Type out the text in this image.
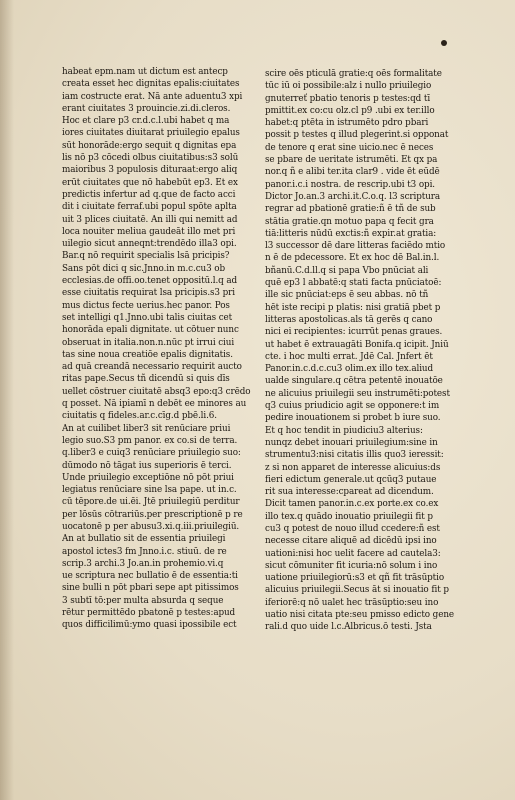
habeat epm.nam ut dictum est antecp
creata esset hec dignitas epalis:ciuitates
iam costructe erat. Nā ante aduentu3 xpi
erant ciuitates 3 prouincie.zi.di.cleros.
Hoc et clare p3 cr.d.c.l.ubi habet q ma
iores ciuitates diuitarat priuilegio epalus
sūt honorāde:ergo sequit q dignitas epa
lis nō p3 cōcedi olbus ciuitatibus:s3 solū
maioribus 3 populosis dituraat:ergo aliq
erūt ciuitates que nō habebūt ep3. Et ex
predictis infertur ad q.que de facto acci
dit i ciuitate ferraf.ubi popul spōte aplta
uit 3 plices ciuitatē. An illi qui nemitt ad
loca nouiter meliua gaudeāt illo met pri
uilegio sicut anneqnt:trendēdo illa3 opi.
Bar.q nō requirit specialis lsā pricipis?
Sans pōt dici q sic.Jnno.in m.c.cu3 ob
ecclesias.de offi.oo.tenet oppositū.l.q ad
esse ciuitatis requirat lsa pricipis.s3 pri
mus dictus fecte uerius.hec panor. Pos
set intelligi q1.Jnno.ubi talis ciuitas cet
honorāda epali dignitate. ut cōtuer nunc
obseruat in italia.non.n.nūc pt irrui ciui
tas sine noua creatiōe epalis dignitatis.
ad quā creandā necessario requirit aucto
ritas pape.Secus tñ dicendū si quis dīs
uellet cōstruer ciuitatē absq3 epo:q3 crēdo
q posset. Nā ipiamī n debēt ee minores au
ciuitatis q fideles.ar.c.cīg.d pbē.li.6.
An at cuilibet liber3 sit renūciare priui
legio suo.S3 pm panor. ex co.si de terra.
q.liber3 e cuiq3 renūciare priuilegio suo:
dūmodo nō tāgat ius superioris ē terci.
Unde priuilegio exceptiōne nō pōt priui
legiatus renūciare sine lsa pape. ut in.c.
cū tēpore.de ui.ēi. Jtē priuilegiū perditur
per lōsūs cōtrariūs.per prescriptionē p re
uocatonē p per abusu3.xi.q.iii.priuilegiū.
An at bullatio sit de essentia priuilegi
apostol ictes3 fm Jnno.i.c. stiuū. de re
scrip.3 archi.3 Jo.an.in prohemio.vi.q
ue scriptura nec bullatio ē de essentia:ti
sine bulli n pōt pbari sepe apt pitissimos
3 subtī tō:per multa absurda q seque
rētur permittēdo pbatonē p testes:apud
quos difficilimū:ymo quasi ipossibile ect
scire oēs pticulā gratie:q oēs formalitate
tūc iū oi possibile:alz i nullo priuilegio
gnuterreť pbatio tenoris p testes:qd tī
pmittit.ex co:cu olz.cl p9 .ubi ex ter.illo
habet:q ptēta in istrumēto pdro pbari
possit p testes q illud plegerint.si opponat
de tenore q erat sine uicio.nec ē neces
se pbare de ueritate istrumēti. Et qx pa
nor.q ñ e alibi ter.ita clar9 . vide ēt eūdē
panor.i.c.i nostra. de rescrip.ubi t3 opi.
Dictor Jo.an.3 archi.it.C.o.q. l3 scriptura
regrar ad pbationē gratie:ñ ē tñ de sub
stātia gratie.qn motuo papa q fecit gra
tiā:litteris nūdū exctis:ñ expir.at gratia:
l3 successor dē dare litteras faciēdo mtio
n ē de pdecessore. Et ex hoc dē Bal.in.l.
bñanū.C.d.ll.q si papa Vbo pnūciat ali
quē ep3 l abbatē:q stati facta pnūciatoē:
ille sic pnūciat:eps ē seu abbas. nō tñ
hēt iste recipi p platis: nisi gratiā pbet p
litteras apostolicas.als tā gerēs q cano
nici ei recipientes: icurrūt penas graues.
ut habet ē extrauagāti Bonifa.q icipit. Jniū
cte. i hoc multi errat. Jdē Cal. Jnfert ēt
Panor.in.c.d.c.cu3 olim.ex illo tex.aliud
ualde singulare.q cētra petentē inouatōe
ne alicuius priuilegii seu instrumēti:potest
q3 cuius priudicio agit se opponere:t im
pedire inouationem si probet b iure suo.
Et q hoc tendit in piudiciu3 alterius:
nunqz debet inouari priuilegium:sine in
strumentu3:nisi citatis illis quo3 ieressit:
z si non apparet de interesse alicuius:ds
fieri edictum generale.ut qcūq3 putaue
rit sua interesse:cpareat ad dicendum.
Dicit tamen panor.in.c.ex porte.ex co.ex
illo tex.q quādo inouatio priuilegii fit p
cu3 q potest de nouo illud ccedere:ñ est
necesse citare aliquē ad dicēdū ipsi ino
uationi:nisi hoc uelit facere ad cautela3:
sicut cōmuniter fit icuria:nō solum i ino
uatione priuilegiorū:s3 et qñ fit trāsūptio
alicuius priuilegii.Secus āt si inouatio fit p
iferiorē:q nō ualet hec trāsūptio:seu ino
uatio nisi citata pte:seu pmisso edicto gene
rali.d quo uide l.c.Albricus.ō testi. Jsta
